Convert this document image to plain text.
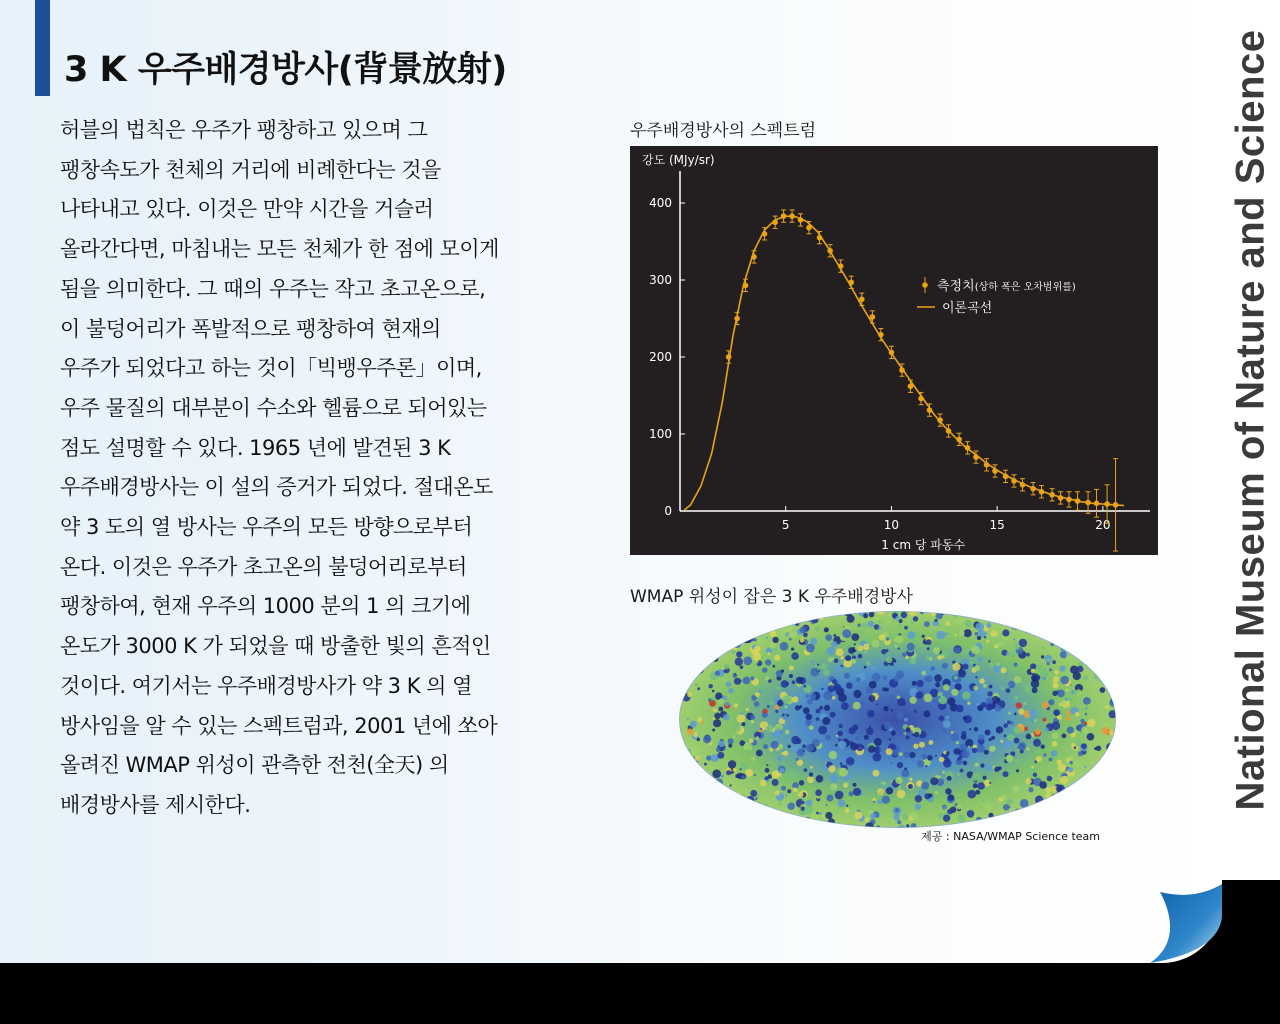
3 K 우주배경방사(背景放射)
허블의 법칙은 우주가 팽창하고 있으며 그
팽창속도가 천체의 거리에 비례한다는 것을
나타내고 있다. 이것은 만약 시간을 거슬러
올라간다면, 마침내는 모든 천체가 한 점에 모이게
됨을 의미한다. 그 때의 우주는 작고 초고온으로,
이 불덩어리가 폭발적으로 팽창하여 현재의
우주가 되었다고 하는 것이「빅뱅우주론」이며,
우주 물질의 대부분이 수소와 헬륨으로 되어있는
점도 설명할 수 있다. 1965 년에 발견된 3 K
우주배경방사는 이 설의 증거가 되었다. 절대온도
약 3 도의 열 방사는 우주의 모든 방향으로부터
온다. 이것은 우주가 초고온의 불덩어리로부터
팽창하여, 현재 우주의 1000 분의 1 의 크기에
온도가 3000 K 가 되었을 때 방출한 빛의 흔적인
것이다. 여기서는 우주배경방사가 약 3 K 의 열
방사임을 알 수 있는 스펙트럼과, 2001 년에 쏘아
올려진 WMAP 위성이 관측한 전천(全天) 의
배경방사를 제시한다.

우주배경방사의 스펙트럼

0
100
200
300
400
5	10	15	20
강도 (MJy/sr)
1 cm 당 파동수
측정치(상하 폭은 오차범위를)
이론곡선

WMAP 위성이 잡은 3 K 우주배경방사

제공 : NASA/WMAP Science team
National Museum of Nature and Science
